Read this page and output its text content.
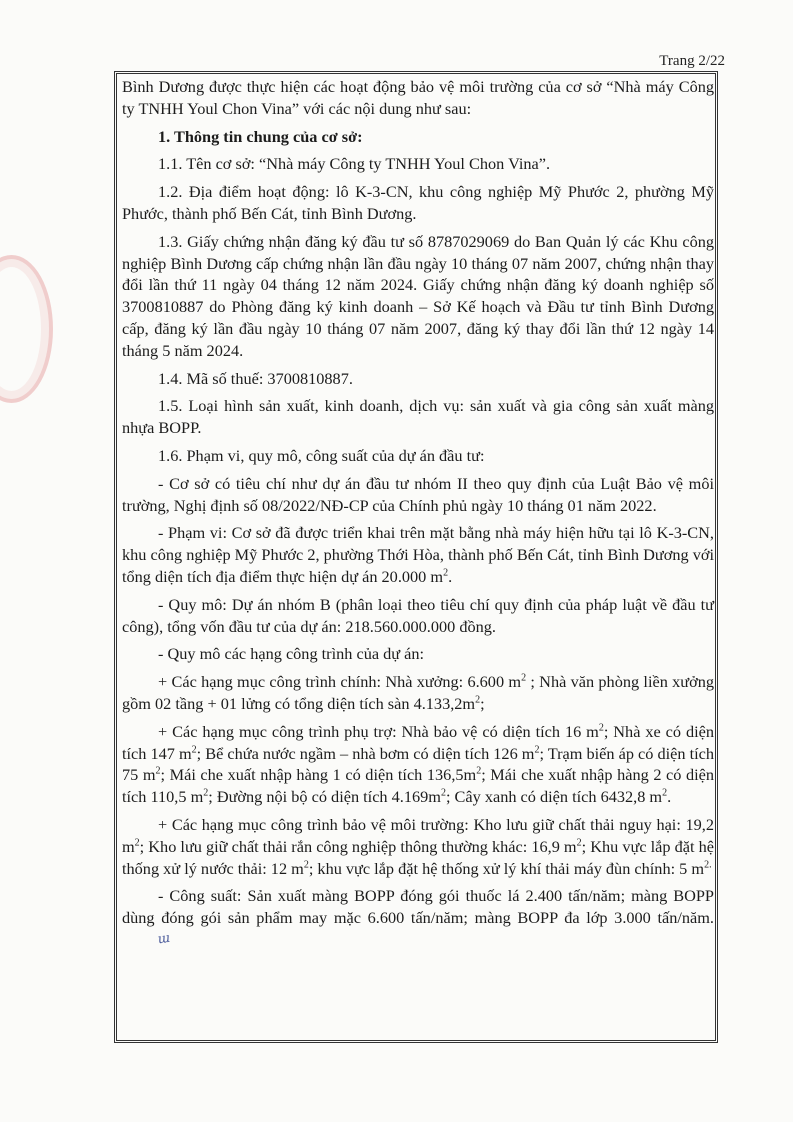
Trang 2/22

Bình Dương được thực hiện các hoạt động bảo vệ môi trường của cơ sở “Nhà máy Công ty TNHH Youl Chon Vina” với các nội dung như sau:

1. Thông tin chung của cơ sở:

1.1. Tên cơ sở: “Nhà máy Công ty TNHH Youl Chon Vina”.

1.2. Địa điểm hoạt động: lô K-3-CN, khu công nghiệp Mỹ Phước 2, phường Mỹ Phước, thành phố Bến Cát, tỉnh Bình Dương.

1.3. Giấy chứng nhận đăng ký đầu tư số 8787029069 do Ban Quản lý các Khu công nghiệp Bình Dương cấp chứng nhận lần đầu ngày 10 tháng 07 năm 2007, chứng nhận thay đổi lần thứ 11 ngày 04 tháng 12 năm 2024. Giấy chứng nhận đăng ký doanh nghiệp số 3700810887 do Phòng đăng ký kinh doanh – Sở Kế hoạch và Đầu tư tỉnh Bình Dương cấp, đăng ký lần đầu ngày 10 tháng 07 năm 2007, đăng ký thay đổi lần thứ 12 ngày 14 tháng 5 năm 2024.

1.4. Mã số thuế: 3700810887.

1.5. Loại hình sản xuất, kinh doanh, dịch vụ: sản xuất và gia công sản xuất màng nhựa BOPP.

1.6. Phạm vi, quy mô, công suất của dự án đầu tư:

- Cơ sở có tiêu chí như dự án đầu tư nhóm II theo quy định của Luật Bảo vệ môi trường, Nghị định số 08/2022/NĐ-CP của Chính phủ ngày 10 tháng 01 năm 2022.

- Phạm vi: Cơ sở đã được triển khai trên mặt bằng nhà máy hiện hữu tại lô K-3-CN, khu công nghiệp Mỹ Phước 2, phường Thới Hòa, thành phố Bến Cát, tỉnh Bình Dương với tổng diện tích địa điểm thực hiện dự án 20.000 $m^2$.

- Quy mô: Dự án nhóm B (phân loại theo tiêu chí quy định của pháp luật về đầu tư công), tổng vốn đầu tư của dự án: 218.560.000.000 đồng.

- Quy mô các hạng công trình của dự án:

+ Các hạng mục công trình chính: Nhà xưởng: 6.600 $m^2$ ; Nhà văn phòng liền xưởng gồm 02 tầng + 01 lửng có tổng diện tích sàn $4.133,2m^2$;

+ Các hạng mục công trình phụ trợ: Nhà bảo vệ có diện tích 16 $m^2$; Nhà xe có diện tích 147 $m^2$; Bể chứa nước ngầm – nhà bơm có diện tích 126 $m^2$; Trạm biến áp có diện tích 75 $m^2$; Mái che xuất nhập hàng 1 có diện tích $136,5m^2$; Mái che xuất nhập hàng 2 có diện tích 110,5 $m^2$; Đường nội bộ có diện tích $4.169m^2$; Cây xanh có diện tích 6432,8 $m^2$.

+ Các hạng mục công trình bảo vệ môi trường: Kho lưu giữ chất thải nguy hại: 19,2 $m^2$; Kho lưu giữ chất thải rắn công nghiệp thông thường khác: 16,9 $m^2$; Khu vực lắp đặt hệ thống xử lý nước thải: 12 $m^2$; khu vực lắp đặt hệ thống xử lý khí thải máy đùn chính: 5 $m^{2.}$

- Công suất: Sản xuất màng BOPP đóng gói thuốc lá 2.400 tấn/năm; màng BOPP dùng đóng gói sản phẩm may mặc 6.600 tấn/năm; màng BOPP đa lớp 3.000 tấn/năm.ɯ
